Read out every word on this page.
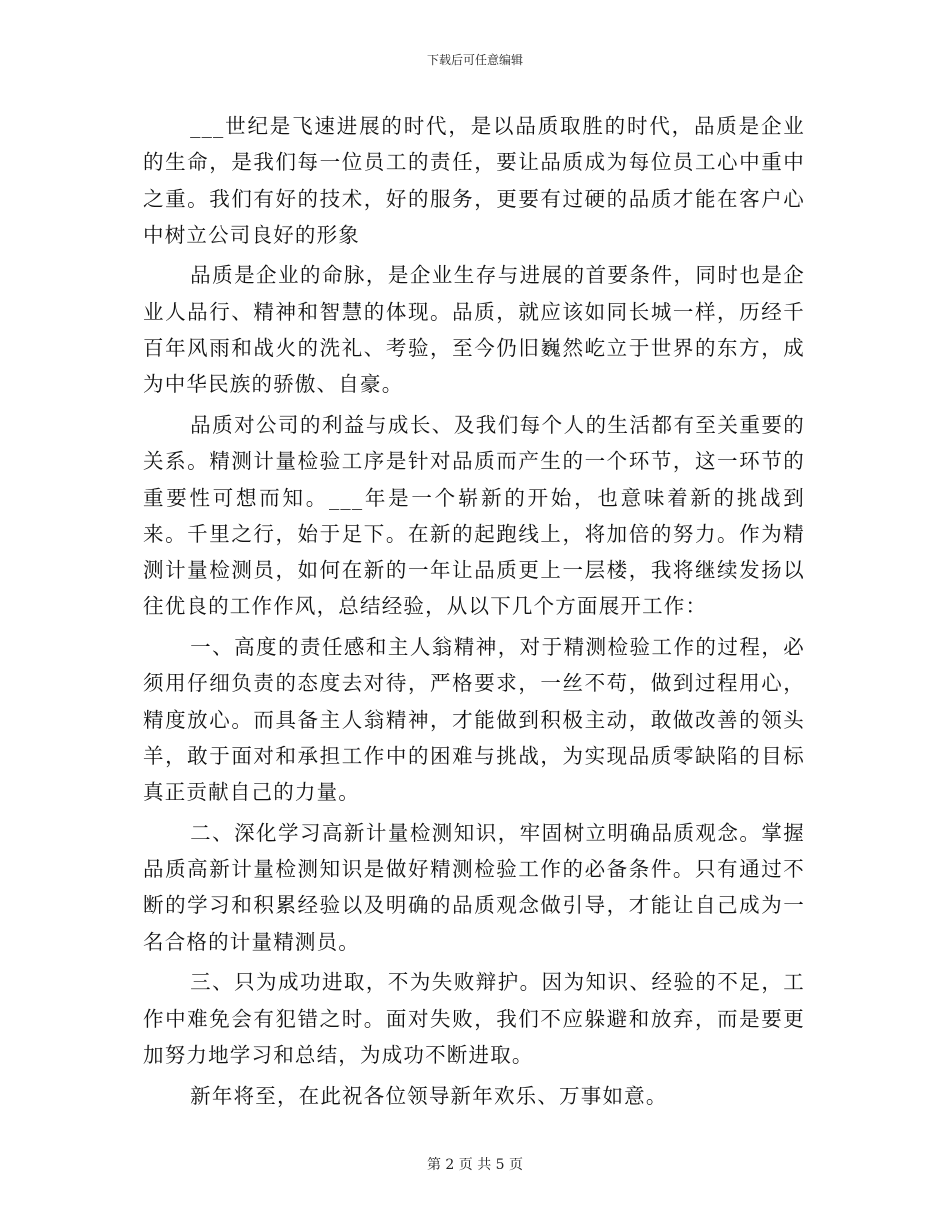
下载后可任意编辑

___世纪是飞速进展的时代，是以品质取胜的时代，品质是企业的生命，是我们每一位员工的责任，要让品质成为每位员工心中重中之重。我们有好的技术，好的服务，更要有过硬的品质才能在客户心中树立公司良好的形象

品质是企业的命脉，是企业生存与进展的首要条件，同时也是企业人品行、精神和智慧的体现。品质，就应该如同长城一样，历经千百年风雨和战火的洗礼、考验，至今仍旧巍然屹立于世界的东方，成为中华民族的骄傲、自豪。

品质对公司的利益与成长、及我们每个人的生活都有至关重要的关系。精测计量检验工序是针对品质而产生的一个环节，这一环节的重要性可想而知。___年是一个崭新的开始，也意味着新的挑战到来。千里之行，始于足下。在新的起跑线上，将加倍的努力。作为精测计量检测员，如何在新的一年让品质更上一层楼，我将继续发扬以往优良的工作作风，总结经验，从以下几个方面展开工作：

一、高度的责任感和主人翁精神，对于精测检验工作的过程，必须用仔细负责的态度去对待，严格要求，一丝不苟，做到过程用心，精度放心。而具备主人翁精神，才能做到积极主动，敢做改善的领头羊，敢于面对和承担工作中的困难与挑战，为实现品质零缺陷的目标真正贡献自己的力量。

二、深化学习高新计量检测知识，牢固树立明确品质观念。掌握品质高新计量检测知识是做好精测检验工作的必备条件。只有通过不断的学习和积累经验以及明确的品质观念做引导，才能让自己成为一名合格的计量精测员。

三、只为成功进取，不为失败辩护。因为知识、经验的不足，工作中难免会有犯错之时。面对失败，我们不应躲避和放弃，而是要更加努力地学习和总结，为成功不断进取。

新年将至，在此祝各位领导新年欢乐、万事如意。

第 2 页 共 5 页
